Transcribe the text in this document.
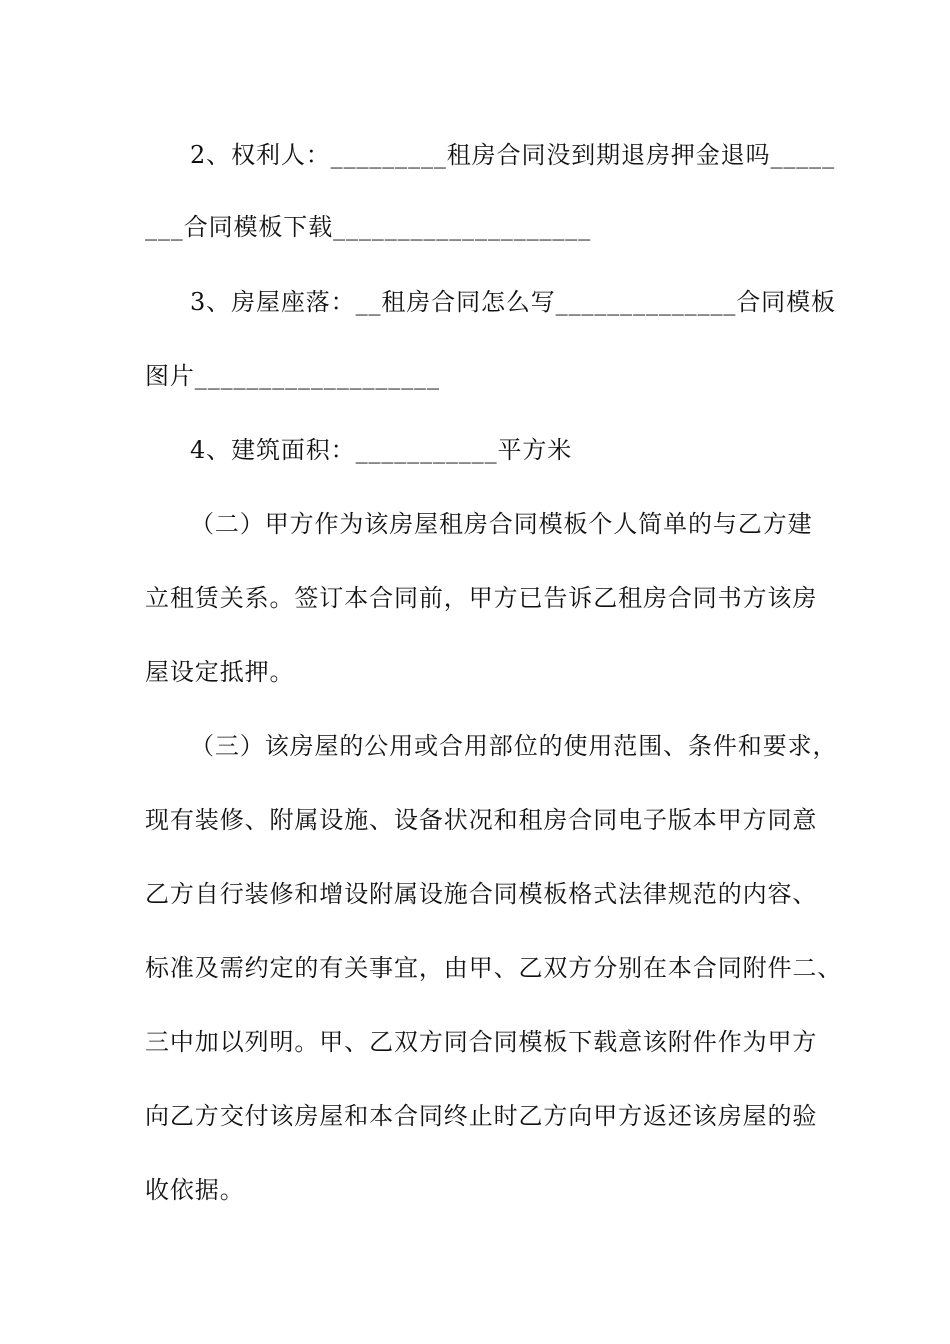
2、权利人：_________租房合同没到期退房押金退吗_____
___合同模板下载____________________
3、房屋座落：__租房合同怎么写______________合同模板
图片___________________
4、建筑面积：___________平方米
（二）甲方作为该房屋租房合同模板个人简单的与乙方建
立租赁关系。签订本合同前，甲方已告诉乙租房合同书方该房
屋设定抵押。
（三）该房屋的公用或合用部位的使用范围、条件和要求，
现有装修、附属设施、设备状况和租房合同电子版本甲方同意
乙方自行装修和增设附属设施合同模板格式法律规范的内容、
标准及需约定的有关事宜，由甲、乙双方分别在本合同附件二、
三中加以列明。甲、乙双方同合同模板下载意该附件作为甲方
向乙方交付该房屋和本合同终止时乙方向甲方返还该房屋的验
收依据。
